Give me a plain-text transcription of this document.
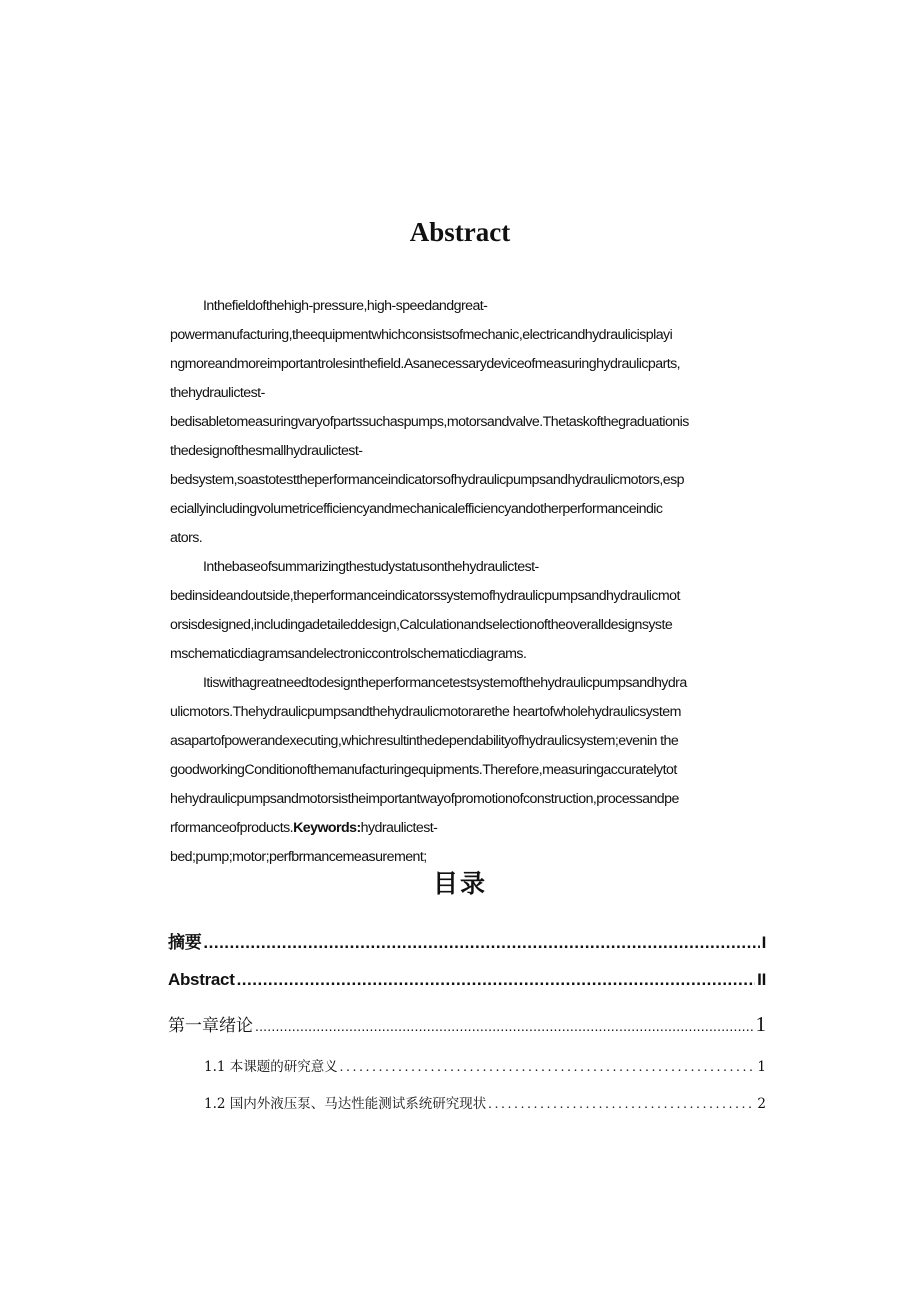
Abstract
Inthefieldofthehigh-pressure,high-speedandgreat-
powermanufacturing,theequipmentwhichconsistsofmechanic,electricandhydraulicisplayi
ngmoreandmoreimportantrolesinthefield.Asanecessarydeviceofmeasuringhydraulicparts,
thehydraulictest-
bedisabletomeasuringvaryofpartssuchaspumps,motorsandvalve.Thetaskofthegraduationis
thedesignofthesmallhydraulictest-
bedsystem,soastotesttheperformanceindicatorsofhydraulicpumpsandhydraulicmotors,esp
eciallyincludingvolumetricefficiencyandmechanicalefficiencyandotherperformanceindic
ators.
Inthebaseofsummarizingthestudystatusonthehydraulictest-
bedinsideandoutside,theperformanceindicatorssystemofhydraulicpumpsandhydraulicmot
orsisdesigned,includingadetaileddesign,Calculationandselectionoftheoveralldesignsyste
mschematicdiagramsandelectroniccontrolschematicdiagrams.
Itiswithagreatneedtodesigntheperformancetestsystemofthehydraulicpumpsandhydra
ulicmotors.Thehydraulicpumpsandthehydraulicmotorarethe heartofwholehydraulicsystem
asapartofpowerandexecuting,whichresultinthedependabilityofhydraulicsystem;evenin the
goodworkingConditionofthemanufacturingequipments.Therefore,measuringaccuratelytot
hehydraulicpumpsandmotorsistheimportantwayofpromotionofconstruction,processandpe
rformanceofproducts.Keywords:hydraulictest-
bed;pump;motor;perfbrmancemeasurement;
目录
摘要 .....	I
Abstract .....	II
第一章绪论 .....	1
1.1 本课题的研究意义 .....	1
1.2 国内外液压泵、马达性能测试系统研究现状 .....	2
